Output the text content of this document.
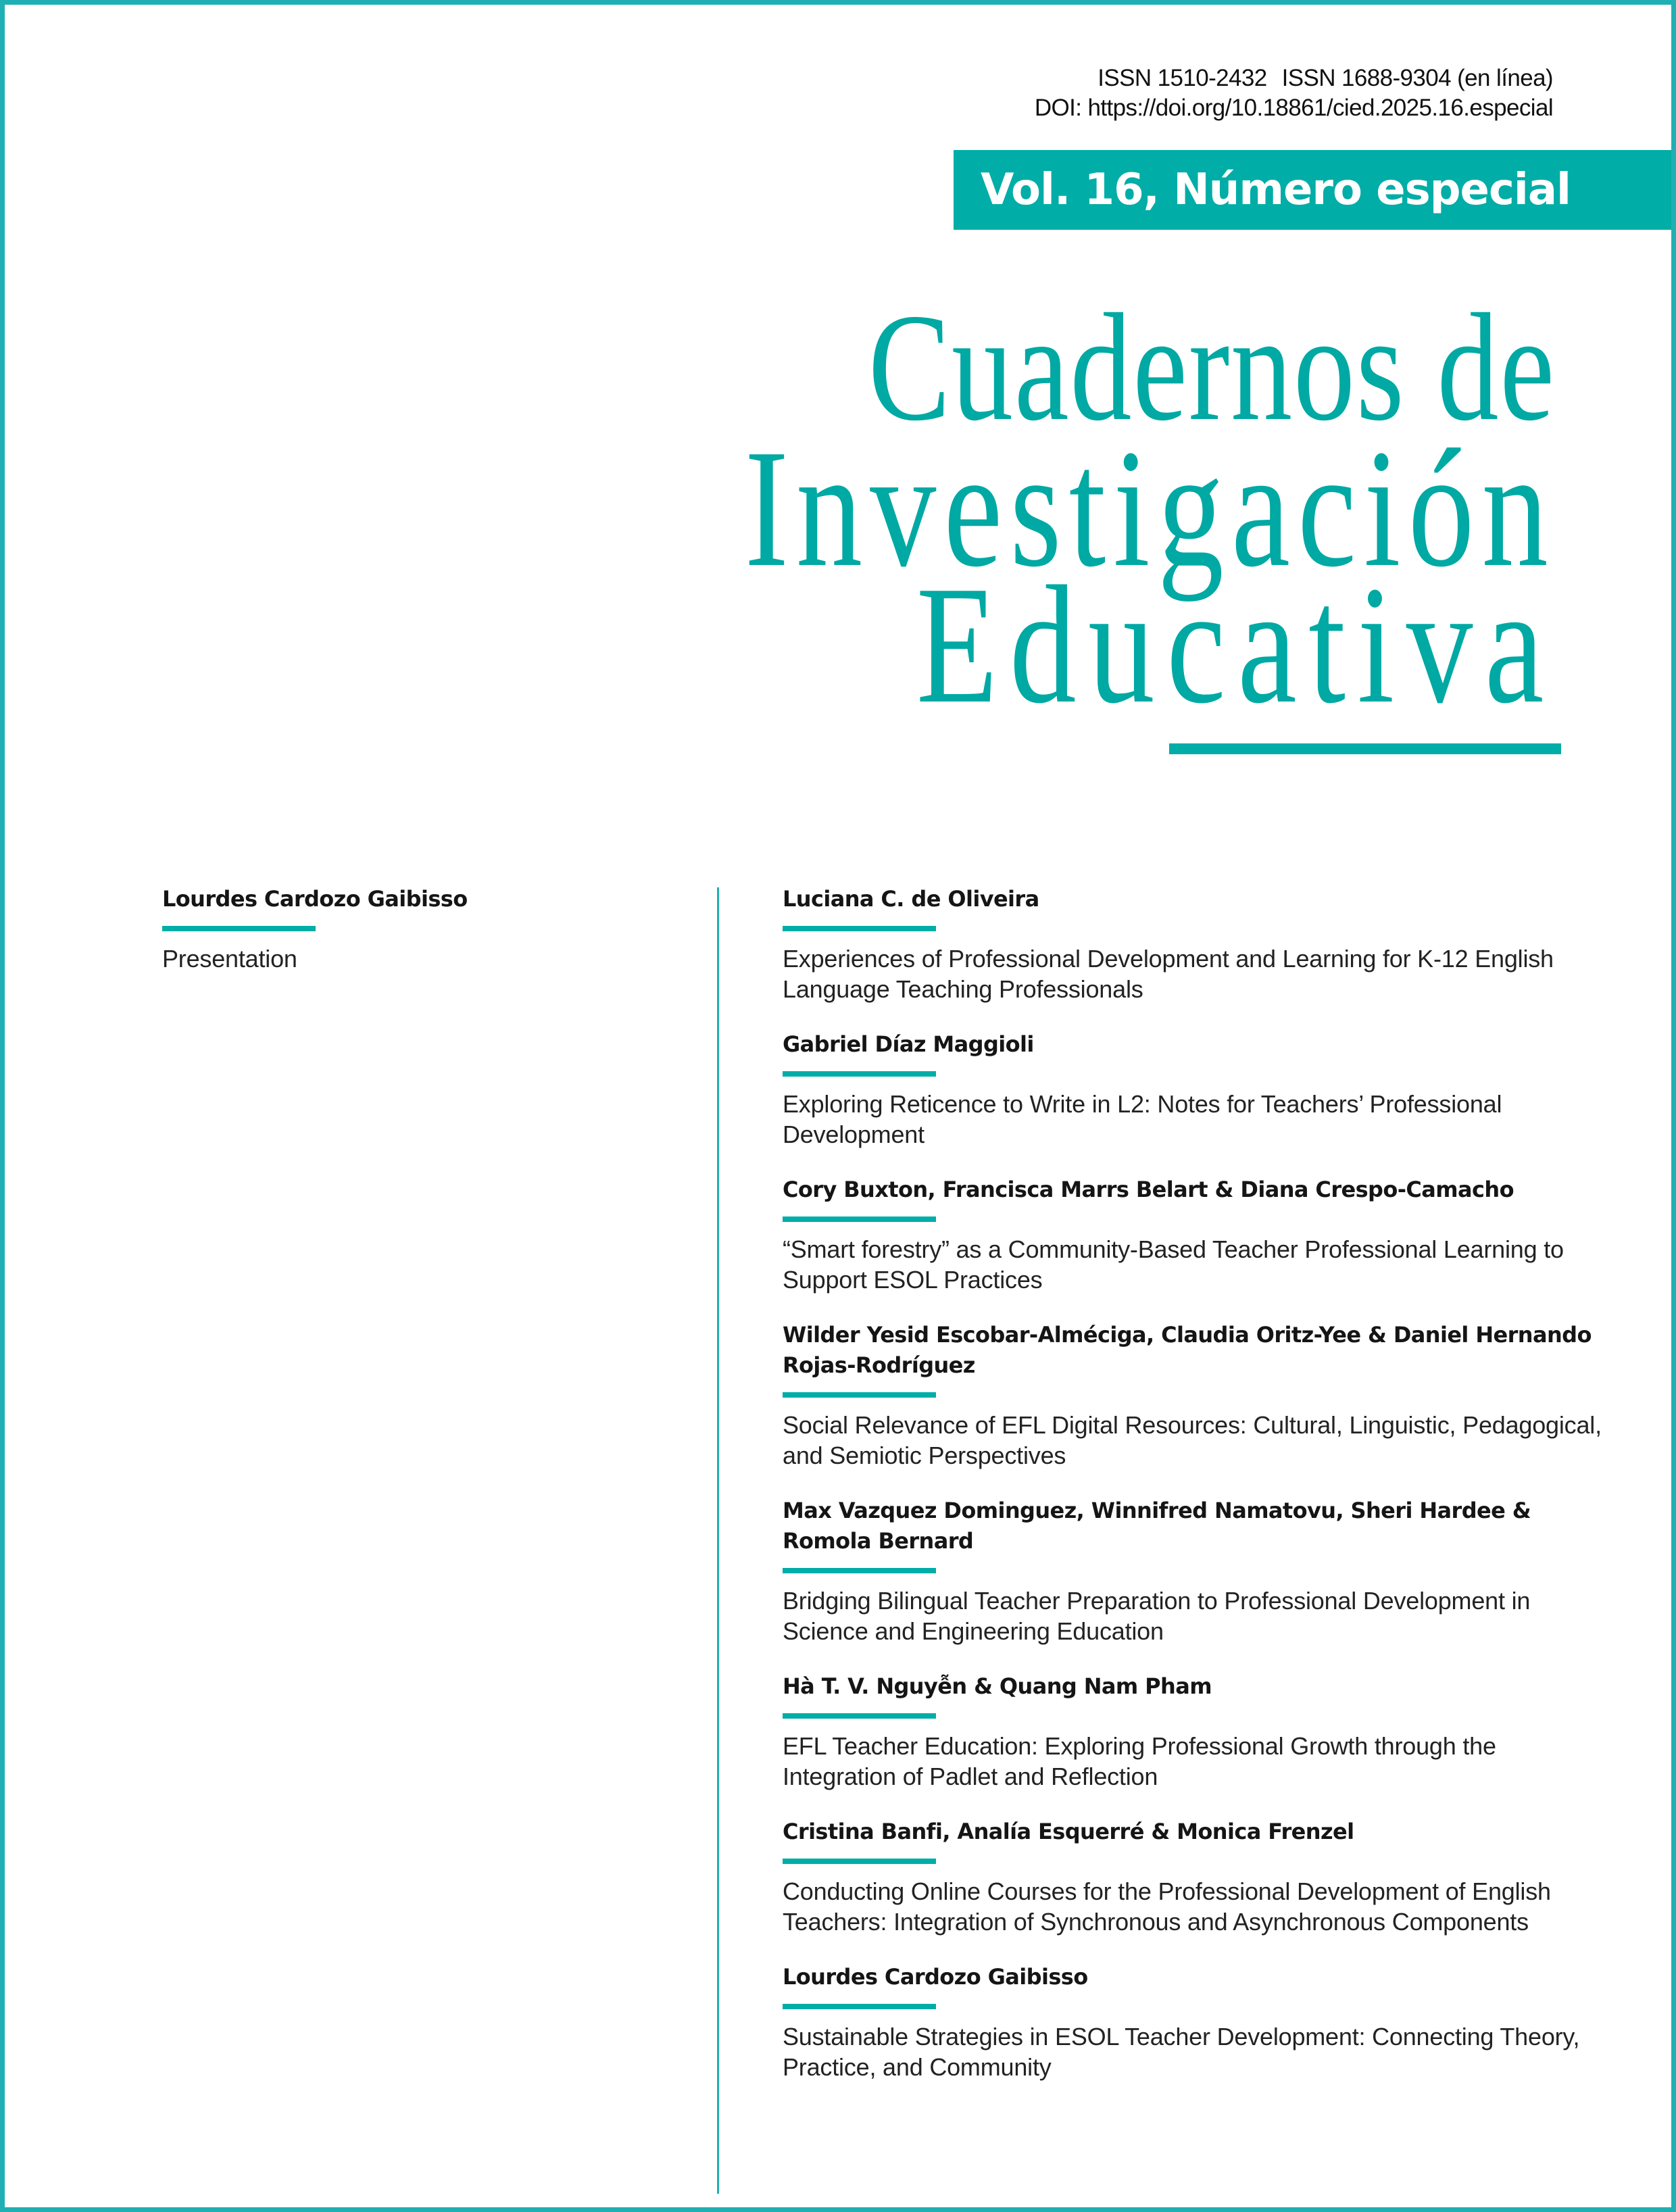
ISSN 1510-2432 ISSN 1688-9304 (en línea)
DOI: https://doi.org/10.18861/cied.2025.16.especial
Vol. 16, Número especial
Cuadernos de
Investigación
Educativa

Lourdes Cardozo Gaibisso

Presentation

Luciana C. de Oliveira

Experiences of Professional Development and Learning for K-12 English Language Teaching Professionals

Gabriel Díaz Maggioli

Exploring Reticence to Write in L2: Notes for Teachers’ Professional Development

Cory Buxton, Francisca Marrs Belart & Diana Crespo-Camacho

“Smart forestry” as a Community-Based Teacher Professional Learning to Support ESOL Practices

Wilder Yesid Escobar-Alméciga, Claudia Oritz-Yee & Daniel Hernando Rojas-Rodríguez

Social Relevance of EFL Digital Resources: Cultural, Linguistic, Pedagogical, and Semiotic Perspectives

Max Vazquez Dominguez, Winnifred Namatovu, Sheri Hardee & Romola Bernard

Bridging Bilingual Teacher Preparation to Professional Development in Science and Engineering Education

Hà T. V. Nguyễn & Quang Nam Pham

EFL Teacher Education: Exploring Professional Growth through the Integration of Padlet and Reflection

Cristina Banfi, Analía Esquerré & Monica Frenzel

Conducting Online Courses for the Professional Development of English Teachers: Integration of Synchronous and Asynchronous Components

Lourdes Cardozo Gaibisso

Sustainable Strategies in ESOL Teacher Development: Connecting Theory, Practice, and Community
